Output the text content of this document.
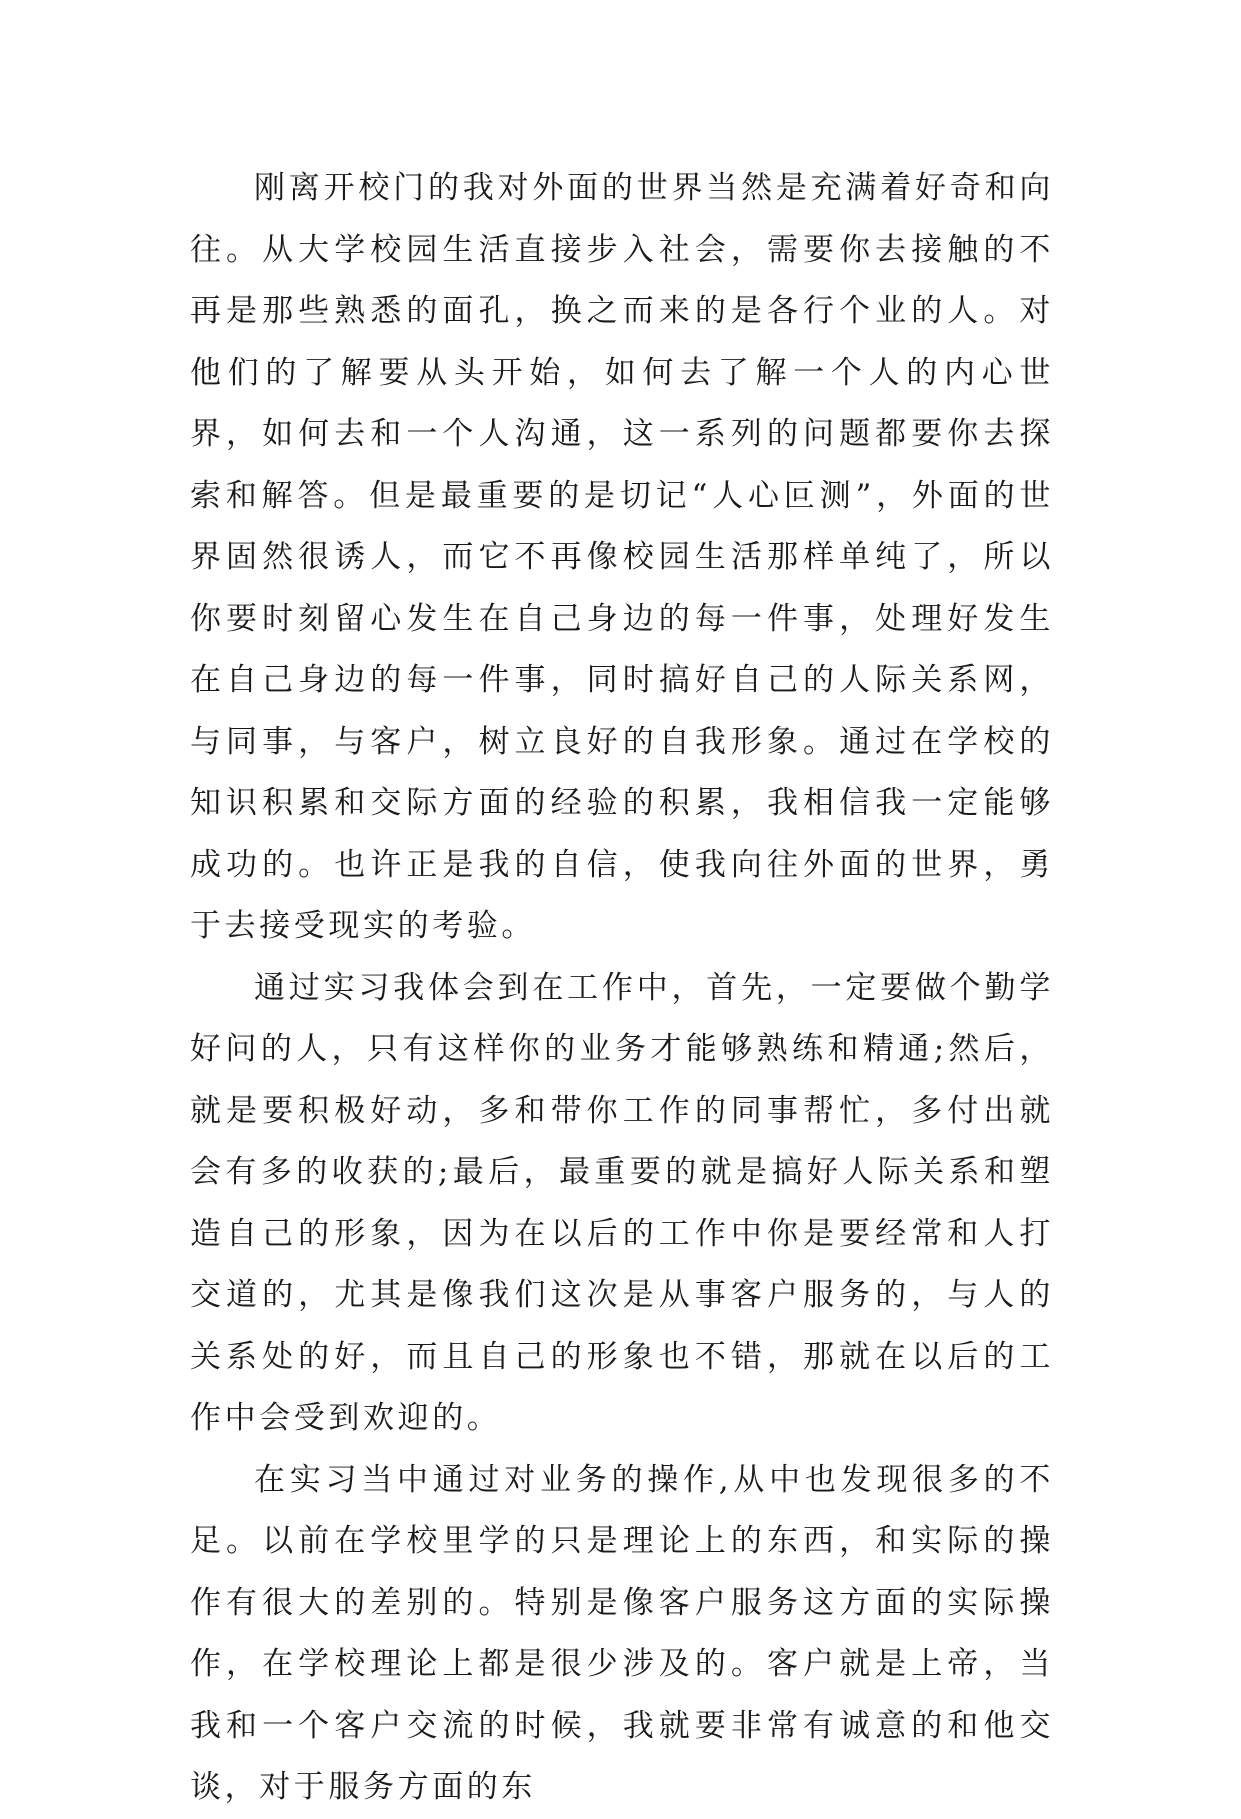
刚离开校门的我对外面的世界当然是充满着好奇和向往。从大学校园生活直接步入社会，需要你去接触的不再是那些熟悉的面孔，换之而来的是各行个业的人。对他们的了解要从头开始，如何去了解一个人的内心世界，如何去和一个人沟通，这一系列的问题都要你去探索和解答。但是最重要的是切记“人心叵测”，外面的世界固然很诱人，而它不再像校园生活那样单纯了，所以你要时刻留心发生在自己身边的每一件事，处理好发生在自己身边的每一件事，同时搞好自己的人际关系网，与同事，与客户，树立良好的自我形象。通过在学校的知识积累和交际方面的经验的积累，我相信我一定能够成功的。也许正是我的自信，使我向往外面的世界，勇于去接受现实的考验。

通过实习我体会到在工作中，首先，一定要做个勤学好问的人，只有这样你的业务才能够熟练和精通;然后，就是要积极好动，多和带你工作的同事帮忙，多付出就会有多的收获的;最后，最重要的就是搞好人际关系和塑造自己的形象，因为在以后的工作中你是要经常和人打交道的，尤其是像我们这次是从事客户服务的，与人的关系处的好，而且自己的形象也不错，那就在以后的工作中会受到欢迎的。

在实习当中通过对业务的操作,从中也发现很多的不足。以前在学校里学的只是理论上的东西，和实际的操作有很大的差别的。特别是像客户服务这方面的实际操作，在学校理论上都是很少涉及的。客户就是上帝，当我和一个客户交流的时候，我就要非常有诚意的和他交谈，对于服务方面的东
